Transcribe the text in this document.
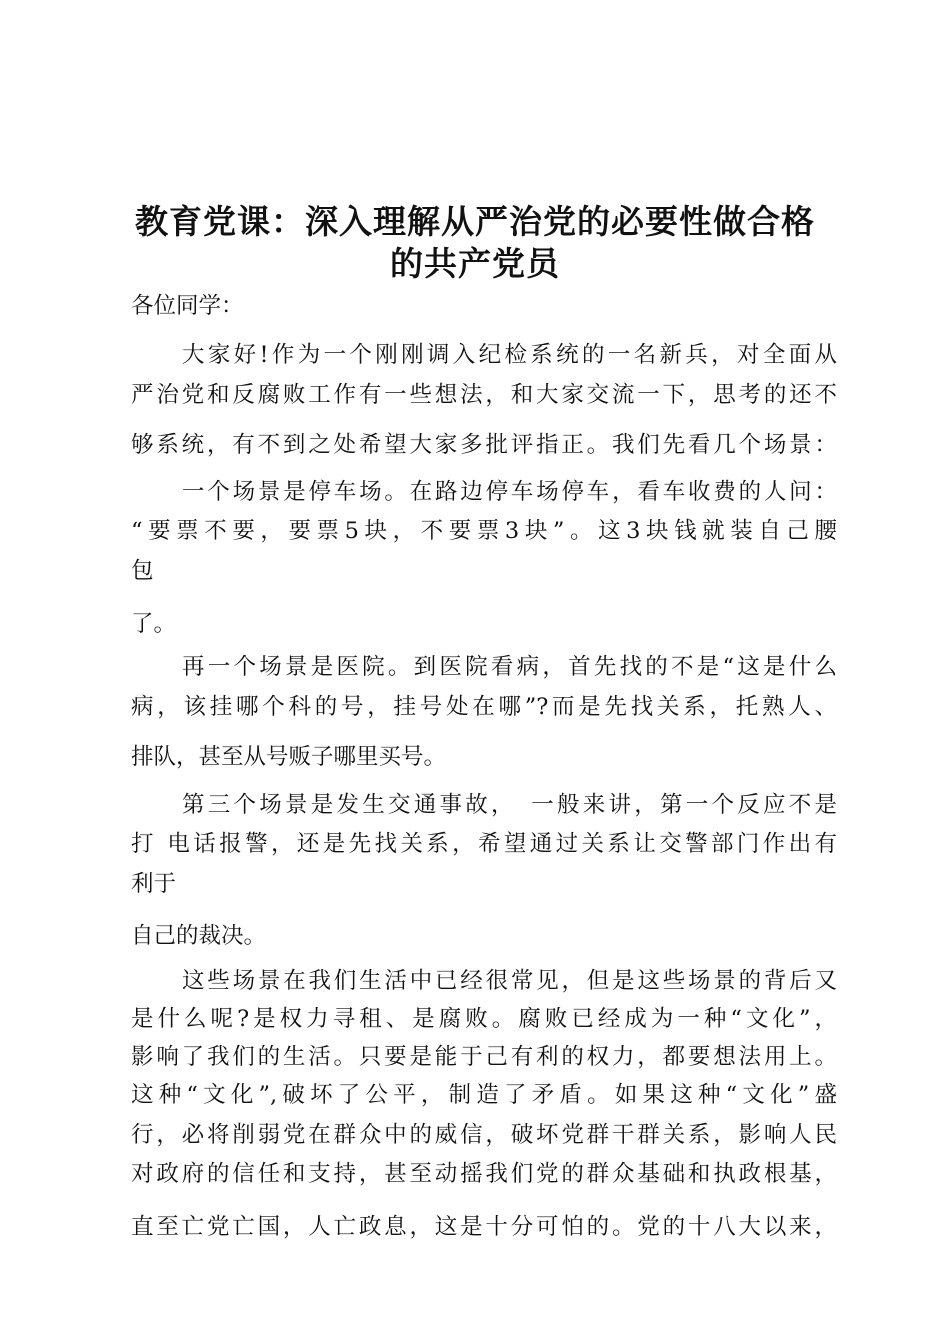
教育党课：深入理解从严治党的必要性做合格
的共产党员

各位同学：

大家好!作为一个刚刚调入纪检系统的一名新兵，对全面从

严治党和反腐败工作有一些想法，和大家交流一下，思考的还不

够系统，有不到之处希望大家多批评指正。我们先看几个场景：

一个场景是停车场。在路边停车场停车，看车收费的人问：

“要票不要，要票5块，不要票3块”。这3块钱就装自己腰

包

了。

再一个场景是医院。到医院看病，首先找的不是“这是什么

病，该挂哪个科的号，挂号处在哪”?而是先找关系，托熟人、

排队，甚至从号贩子哪里买号。

第三个场景是发生交通事故，　一般来讲，第一个反应不是

打 电话报警，还是先找关系，希望通过关系让交警部门作出有

利于

自己的裁决。

这些场景在我们生活中已经很常见，但是这些场景的背后又

是什么呢?是权力寻租、是腐败。腐败已经成为一种“文化”，

影响了我们的生活。只要是能于己有利的权力，都要想法用上。

这种“文化”,破坏了公平，制造了矛盾。如果这种“文化”盛

行，必将削弱党在群众中的威信，破坏党群干群关系，影响人民

对政府的信任和支持，甚至动摇我们党的群众基础和执政根基，

直至亡党亡国，人亡政息，这是十分可怕的。党的十八大以来，
